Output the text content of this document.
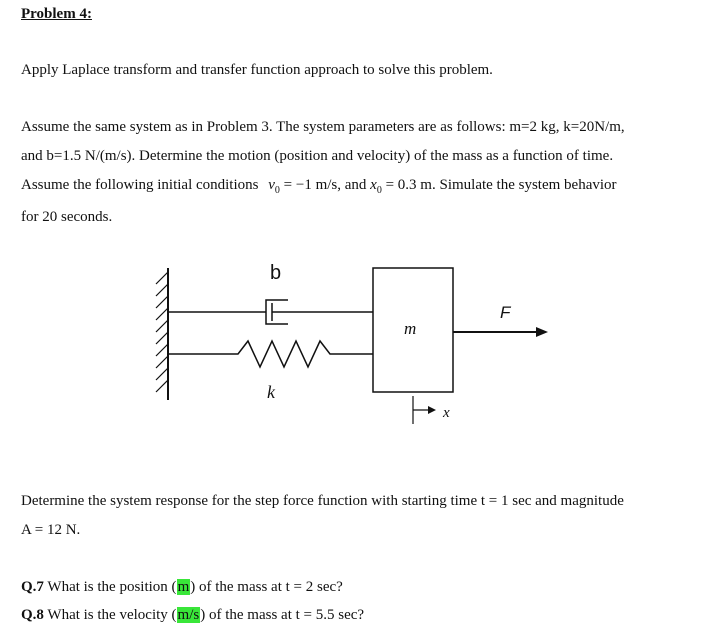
Problem 4:
Apply Laplace transform and transfer function approach to solve this problem.
Assume the same system as in Problem 3. The system parameters are as follows: m=2 kg, k=20N/m,
and b=1.5 N/(m/s). Determine the motion (position and velocity) of the mass as a function of time.
Assume the following initial conditions $v_0 = -1$ m/s, and $x_0 = 0.3$ m. Simulate the system behavior
for 20 seconds.
b
k
m
F
x
Determine the system response for the step force function with starting time t = 1 sec and magnitude
A = 12 N.
Q.7 What is the position (m) of the mass at t = 2 sec?
Q.8 What is the velocity (m/s) of the mass at t = 5.5 sec?
